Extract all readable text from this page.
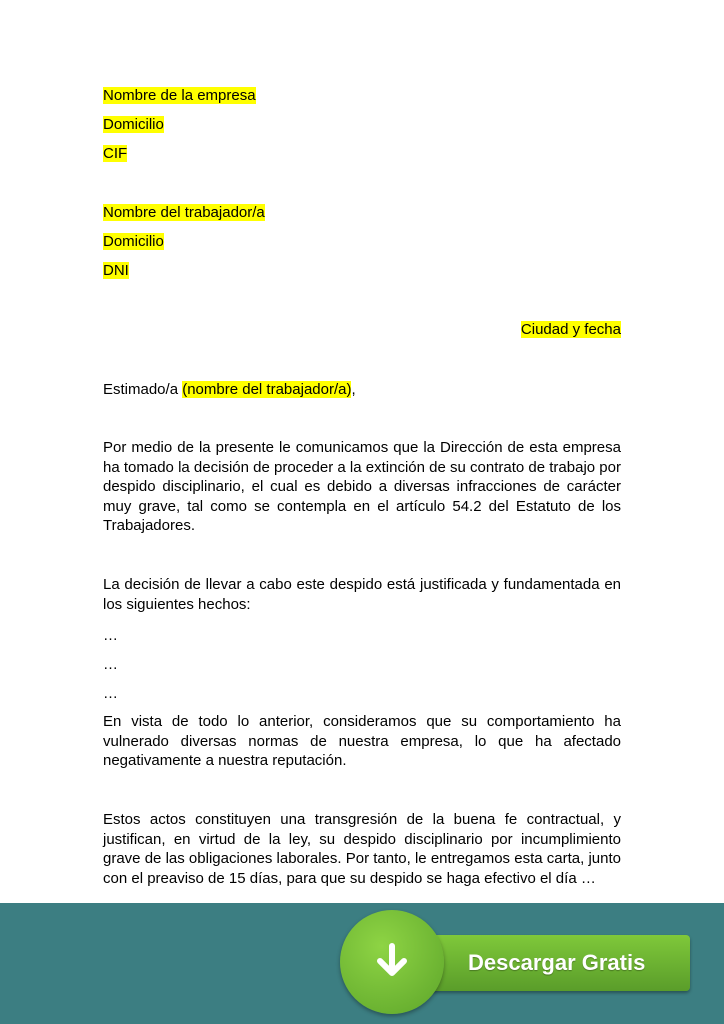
Nombre de la empresa
Domicilio
CIF
Nombre del trabajador/a
Domicilio
DNI
Ciudad y fecha
Estimado/a (nombre del trabajador/a),
Por medio de la presente le comunicamos que la Dirección de esta empresa ha tomado la decisión de proceder a la extinción de su contrato de trabajo por despido disciplinario, el cual es debido a diversas infracciones de carácter muy grave, tal como se contempla en el artículo 54.2 del Estatuto de los Trabajadores.
La decisión de llevar a cabo este despido está justificada y fundamentada en los siguientes hechos:
…
…
…
En vista de todo lo anterior, consideramos que su comportamiento ha vulnerado diversas normas de nuestra empresa, lo que ha afectado negativamente a nuestra reputación.
Estos actos constituyen una transgresión de la buena fe contractual, y justifican, en virtud de la ley, su despido disciplinario por incumplimiento grave de las obligaciones laborales. Por tanto, le entregamos esta carta, junto con el preaviso de 15 días, para que su despido se haga efectivo el día …
Descargar Gratis
